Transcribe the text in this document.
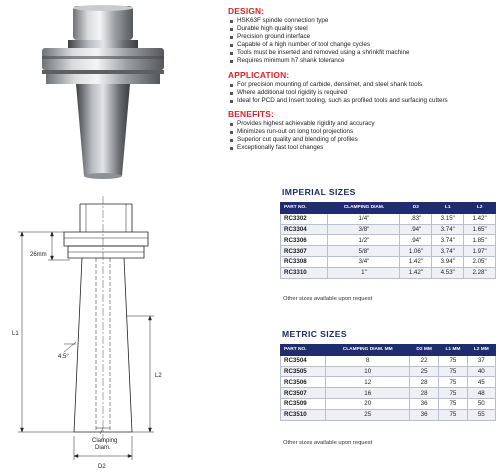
DESIGN:
HSK63F spindle connection type
Durable high quality steel
Precision ground interface
Capable of a high number of tool change cycles
Tools must be inserted and removed using a shrinkfit machine
Requires minimum h7 shank tolerance
APPLICATION:
For precision mounting of carbide, densimet, and steel shank tools
Where additional tool rigidity is required
Ideal for PCD and Insert tooling, such as profiled tools and surfacing cutters
BENEFITS:
Provides highest achievable rigidity and accuracy
Minimizes run-out on long tool projections
Superior cut quality and blending of profiles
Exceptionally fast tool changes
26mm
L1
L2
4.5°
Clamping
Diam.
D2
IMPERIAL SIZES
PART NO.	CLAMPING DIAM.	D2	L1	L2
RC3302	1/4"	.83"	3.15"	1.42"
RC3304	3/8"	.94"	3.74"	1.65"
RC3306	1/2"	.94"	3.74"	1.85"
RC3307	5/8"	1.06"	3.74"	1.97"
RC3308	3/4"	1.42"	3.94"	2.05"
RC3310	1"	1.42"	4.53"	2.28"
Other sizes available upon request
METRIC SIZES
PART NO.	CLAMPING DIAM. MM	D2 MM	L1 MM	L2 MM
RC3504	8	22	75	37
RC3505	10	25	75	40
RC3506	12	28	75	45
RC3507	16	28	75	48
RC3509	20	36	75	50
RC3510	25	36	75	55
Other sizes available upon request
